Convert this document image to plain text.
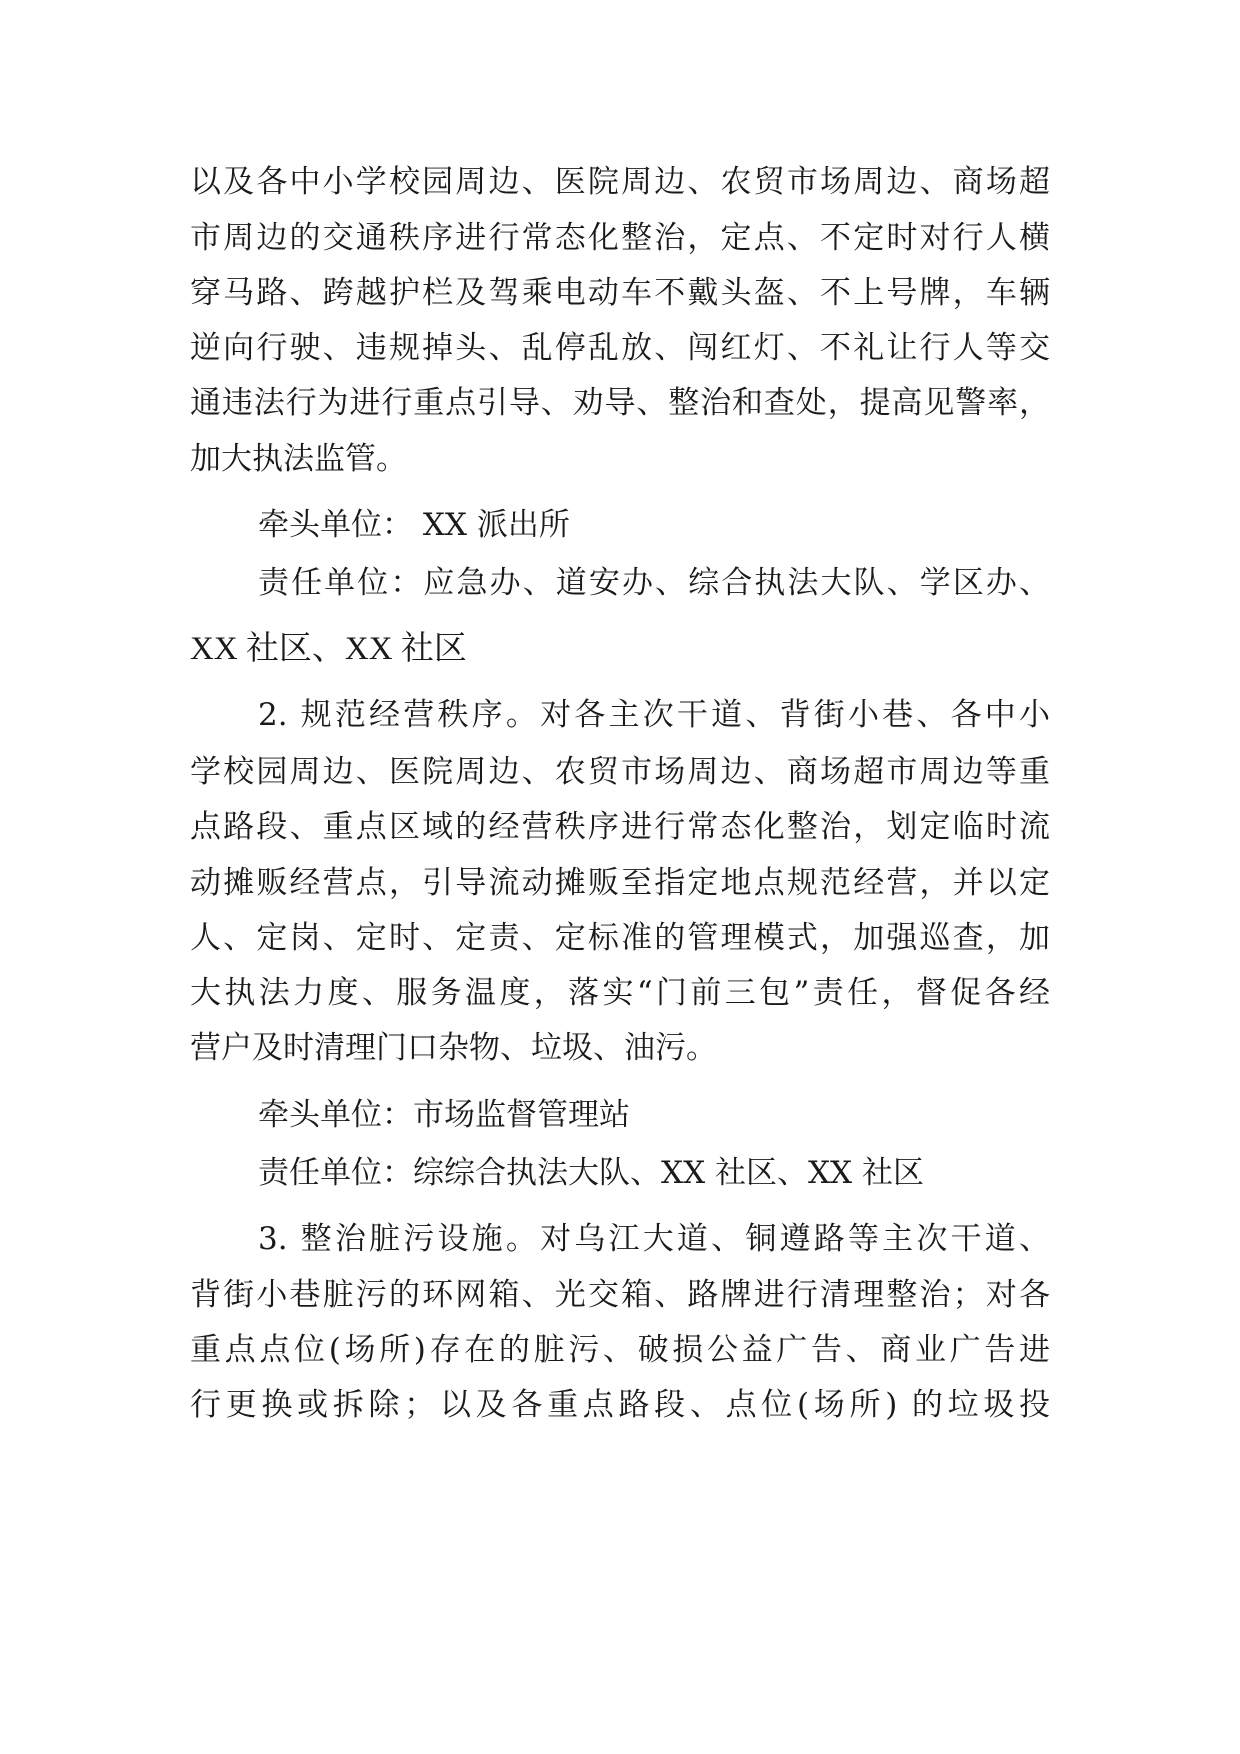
以及各中小学校园周边、医院周边、农贸市场周边、商场超
市周边的交通秩序进行常态化整治，定点、不定时对行人横
穿马路、跨越护栏及驾乘电动车不戴头盔、不上号牌，车辆
逆向行驶、违规掉头、乱停乱放、闯红灯、不礼让行人等交
通违法行为进行重点引导、劝导、整治和查处，提高见警率，
加大执法监管。
牵头单位： XX 派出所
责任单位：应急办、道安办、综合执法大队、学区办、
XX 社区、XX 社区
2. 规范经营秩序。对各主次干道、背街小巷、各中小
学校园周边、医院周边、农贸市场周边、商场超市周边等重
点路段、重点区域的经营秩序进行常态化整治，划定临时流
动摊贩经营点，引导流动摊贩至指定地点规范经营，并以定
人、定岗、定时、定责、定标准的管理模式，加强巡查，加
大执法力度、服务温度，落实“门前三包”责任，督促各经
营户及时清理门口杂物、垃圾、油污。
牵头单位：市场监督管理站
责任单位：综综合执法大队、XX 社区、XX 社区
3. 整治脏污设施。对乌江大道、铜遵路等主次干道、
背街小巷脏污的环网箱、光交箱、路牌进行清理整治；对各
重点点位(场所)存在的脏污、破损公益广告、商业广告进
行更换或拆除；以及各重点路段、点位(场所) 的垃圾投
